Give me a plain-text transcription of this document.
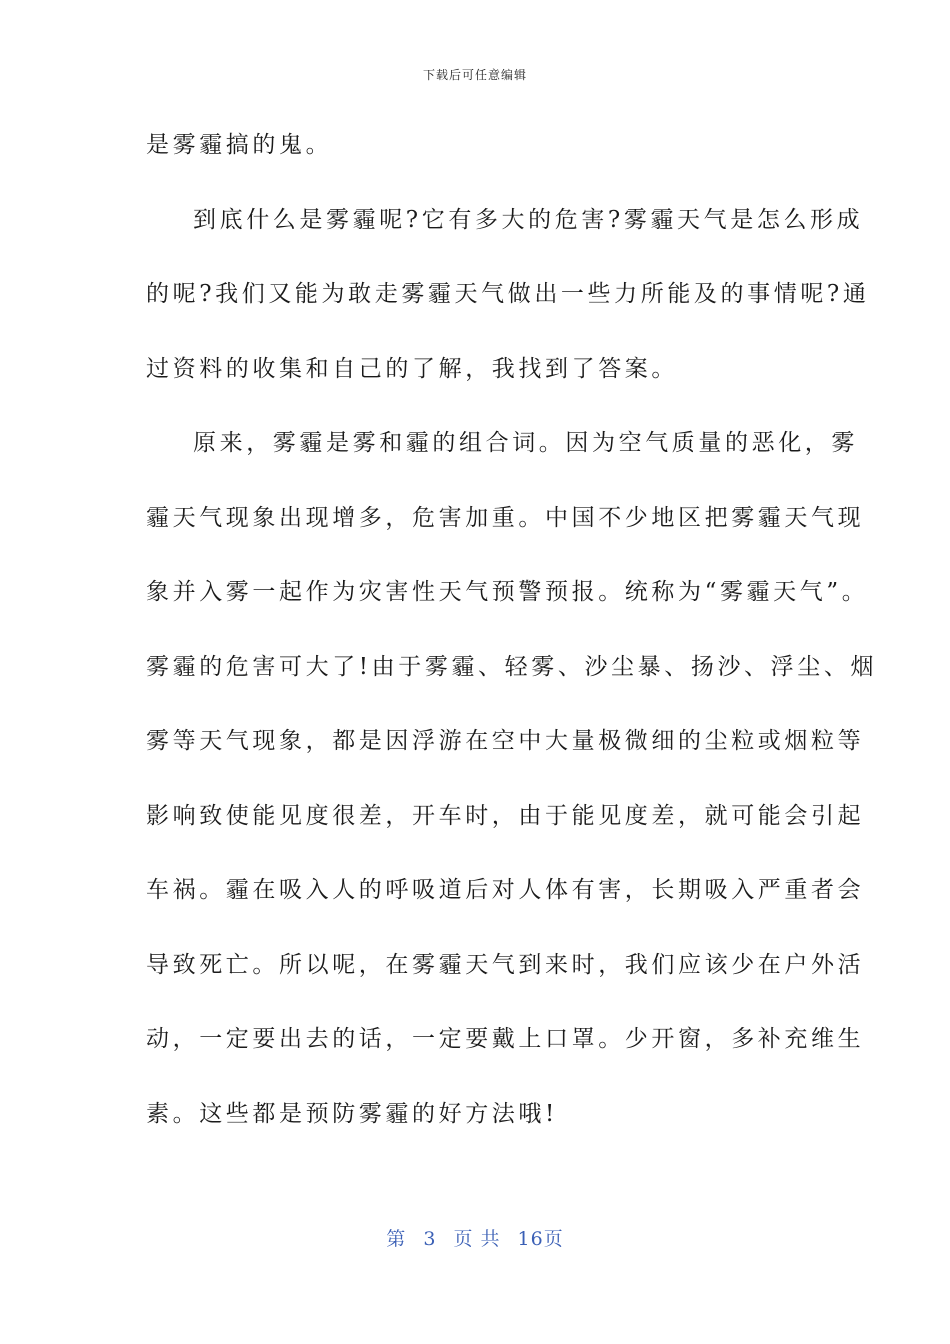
下载后可任意编辑
是雾霾搞的鬼。
到底什么是雾霾呢?它有多大的危害?雾霾天气是怎么形成
的呢?我们又能为敢走雾霾天气做出一些力所能及的事情呢?通
过资料的收集和自己的了解，我找到了答案。
原来，雾霾是雾和霾的组合词。因为空气质量的恶化，雾
霾天气现象出现增多，危害加重。中国不少地区把雾霾天气现
象并入雾一起作为灾害性天气预警预报。统称为“雾霾天气”。
雾霾的危害可大了!由于雾霾、轻雾、沙尘暴、扬沙、浮尘、烟
雾等天气现象，都是因浮游在空中大量极微细的尘粒或烟粒等
影响致使能见度很差，开车时，由于能见度差，就可能会引起
车祸。霾在吸入人的呼吸道后对人体有害，长期吸入严重者会
导致死亡。所以呢，在雾霾天气到来时，我们应该少在户外活
动，一定要出去的话，一定要戴上口罩。少开窗，多补充维生
素。这些都是预防雾霾的好方法哦!
第 3 页 共 16页
